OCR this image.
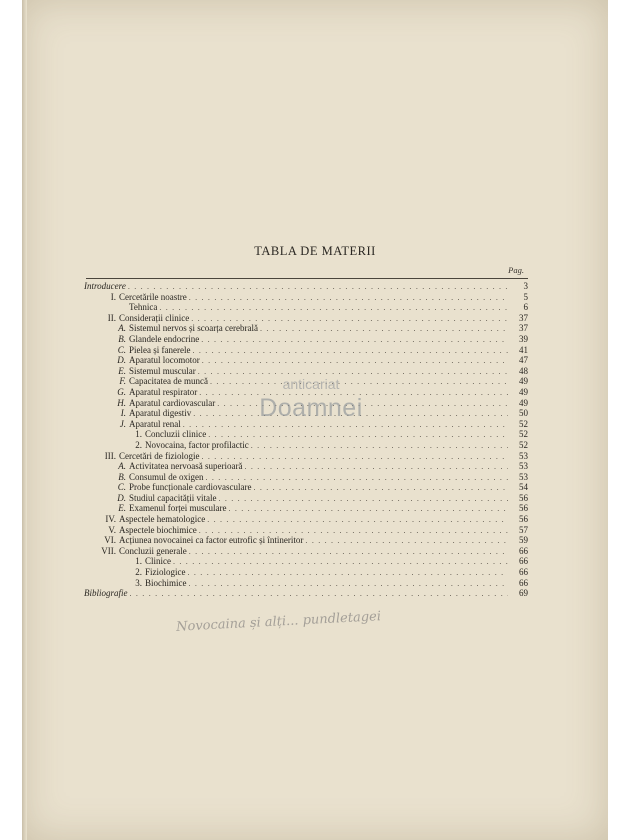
TABLA DE MATERII
Pag.
Introducere . . .	3
I. Cercetările noastre . . .	5
Tehnica . . .	6
II. Considerații clinice . . .	37
A. Sistemul nervos și scoarța cerebrală . . .	37
B. Glandele endocrine . . .	39
C. Pielea și fanerele . . .	41
D. Aparatul locomotor . . .	47
E. Sistemul muscular . . .	48
F. Capacitatea de muncă . . .	49
G. Aparatul respirator . . .	49
H. Aparatul cardiovascular . . .	49
I. Aparatul digestiv . . .	50
J. Aparatul renal . . .	52
1. Concluzii clinice . . .	52
2. Novocaina, factor profilactic . . .	52
III. Cercetări de fiziologie . . .	53
A. Activitatea nervoasă superioară . . .	53
B. Consumul de oxigen . . .	53
C. Probe funcționale cardiovasculare . . .	54
D. Studiul capacității vitale . . .	56
E. Examenul forței musculare . . .	56
IV. Aspectele hematologice . . .	56
V. Aspectele biochimice . . .	57
VI. Acțiunea novocainei ca factor eutrofic și întineritor . . .	59
VII. Concluzii generale . . .	66
1. Clinice . . .	66
2. Fiziologice . . .	66
3. Biochimice . . .	66
Bibliografie . . .	69
anticariat
Doamnei
Novocaina și alți... pundletagei
